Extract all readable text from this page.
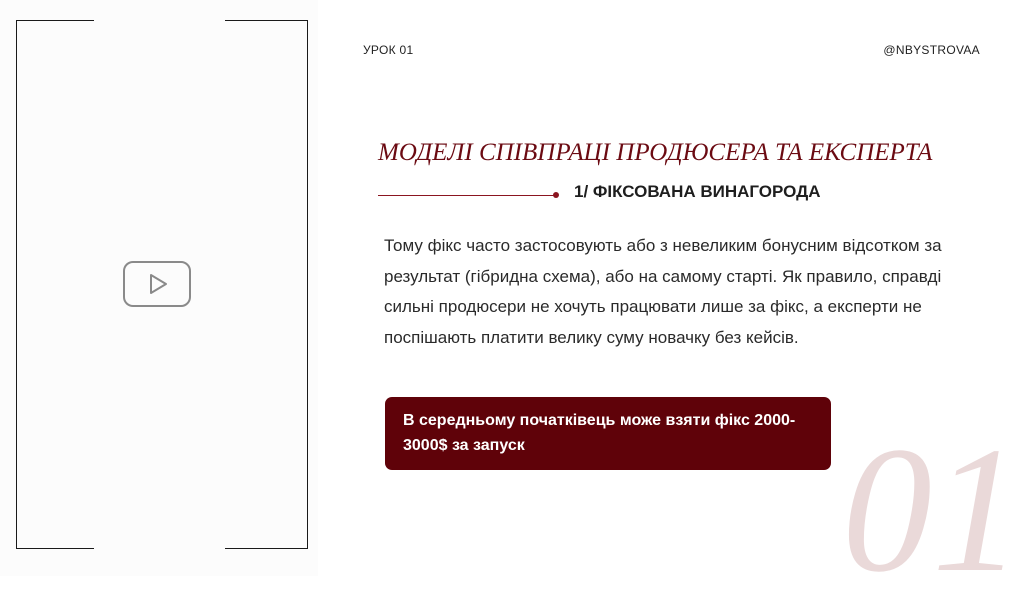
УРОК 01	@NBYSTROVAA
МОДЕЛІ СПІВПРАЦІ ПРОДЮСЕРА ТА ЕКСПЕРТА
1/ ФІКСОВАНА ВИНАГОРОДА
Тому фікс часто застосовують або з невеликим бонусним відсотком за результат (гібридна схема), або на самому старті. Як правило, справді сильні продюсери не хочуть працювати лише за фікс, а експерти не поспішають платити велику суму новачку без кейсів.
В середньому початківець може взяти фікс 2000-3000$ за запуск	01
